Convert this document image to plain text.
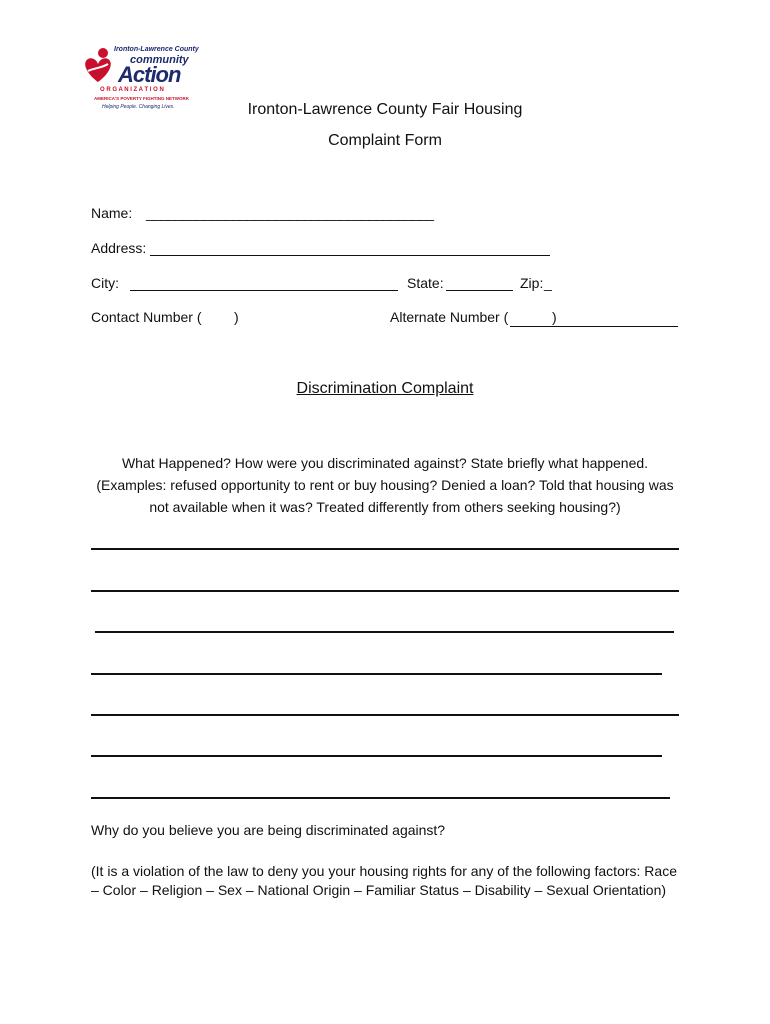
Ironton-Lawrence County
community
Action
O R G A N I Z A T I O N
AMERICA'S POVERTY FIGHTING NETWORK
Helping People. Changing Lives.	Ironton-Lawrence County Fair Housing
Complaint Form
Name: ________________________________________
Address:
City:	State:	Zip: _
Contact Number ( )	Alternate Number (	)
Discrimination Complaint
What Happened? How were you discriminated against? State briefly what happened.
(Examples: refused opportunity to rent or buy housing? Denied a loan? Told that housing was
not available when it was? Treated differently from others seeking housing?)
Why do you believe you are being discriminated against?
(It is a violation of the law to deny you your housing rights for any of the following factors: Race
– Color – Religion – Sex – National Origin – Familiar Status – Disability – Sexual Orientation)
